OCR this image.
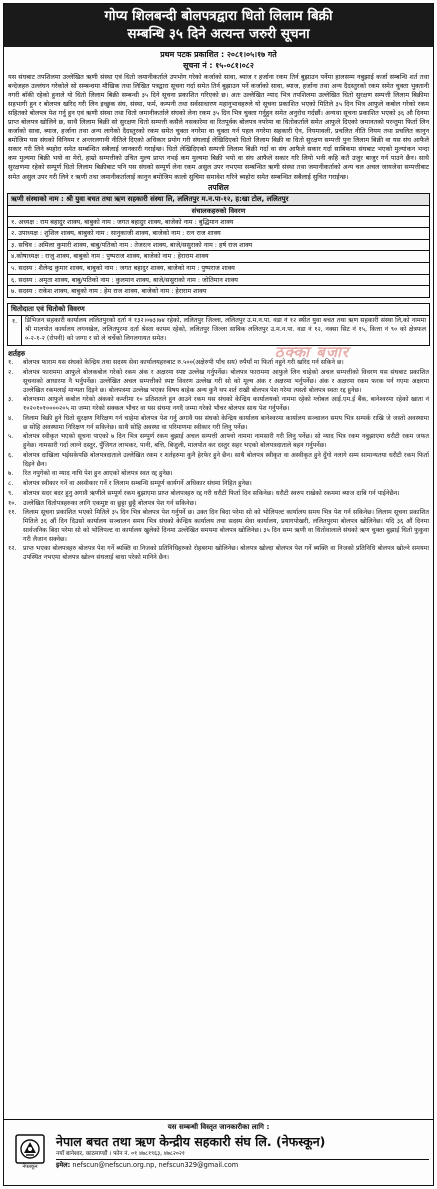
गोप्य शिलबन्दी बोलपत्रद्वारा धितो लिलाम बिक्री
सम्बन्धि ३५ दिने अत्यन्त जरुरी सूचना
प्रथम पटक प्रकाशित : २०८१।०५।१७ गते
सूचना नं : १५-०८१।०८२
यस संघबाट तपशिलमा उल्लेखित ऋणी संस्था एवं धितो जमानीकर्ताले उपभोग गरेको कर्जाको सावा, ब्याज र हर्जाना रकम तिर्न बुझाउन पर्नेमा हालसम्म नबुझाई कर्जा सम्बन्धि शर्त तथा बन्देजहरु उल्लंघन गरेकोले सो सम्बन्धमा मौखिक तथा लिखित पत्रद्वारा सूचना गर्दा समेत तिर्न बुझाउन पर्ने कर्जाको सावा, ब्याज, हर्जाना तथा अन्य दैदस्तुरको रकम समेत चुक्ता भुक्तानी नगरी बाँकी रहेको हुनाले यो धितो लिलाम बिक्री सम्बन्धी ३५ दिने सूचना प्रकाशित गरिएको छ। अतः उल्लेखित म्याद भित्र तपशिलमा उल्लेखित धितो सुरक्षण सम्पत्ती लिलाम बिक्रीमा सहभागी हुन र बोलपत्र खरिद गरी लिन इच्छुक संघ, संस्था, फर्म, कम्पनी तथा सर्वसाधारण महानुभावहरुले यो सूचना प्रकाशित भएको मितिले ३५ दिन भित्र आफुले कबोल गरेको रकम सहितको बोलपत्र पेश गर्नु हुन एवं ऋणी संस्था तथा धितो जमानीकर्ताले संघको लेना रकम ३५ दिन भित्र चुक्ता गर्नुहुन समेत अनुरोध गर्दछौं। अन्यथा सूचना प्रकाशित भएको ३६ औ दिनमा प्राप्त बोलपत्र खोलिने छ, साथै लिलाम बिक्री सो सुरक्षण धितो सम्पत्ती कसैले नसकारेमा वा रितपूर्वक बोलपत्र नपरेमा वा धितोकर्ताले समेत आफुले दिएको जमानतको परन्तुमा फिर्ता लिन कर्जाको सावा, ब्याज, हर्जाना तथा अन्य लागेको दैदस्तुरको रकम समेत चुक्ता नगरेमा वा चुक्ता गर्न पहल नगरेमा सहकारी ऐन, नियमावली, प्रचलित नीति नियम तथा प्रचलित कानुन बमोजिम यस संघको विनियम र अन्तरलगानी नीतिले दिएको अधिकार प्रयोग गरी संघलाई लेखिदिएको धितो लिलाम बिक्री वा धितो सुरक्षण सम्पत्ती पुनः लिलाम बिक्री वा यस संघ आफैले सकार गरी लिने ब्यहोरा समेत सम्बन्धित सबैलाई जानकारी गराईन्छ। धितो लेखिदिएको सम्पत्ती लिलाम बिक्री गर्दा वा संघ आफैले सकार गर्दा साबिकमा संघबाट भएको मुल्यांकन भन्दा कम मुल्यमा बिक्री भयो वा मेरो, हाम्रो सम्पत्तीको उचित मुल्य प्राप्त नभई कम मुल्यमा बिक्री भयो वा संघ आफैले सकार गरि लियो भनी कहि कतै उजुर बाजुर गर्न पाउने छैन। साथै सुरक्षणमा रहेको सम्पूर्ण धितो लिलाम बिक्रीबाट पनि यस संघको सम्पूर्ण लेना रकम असुल उपर नभएमा सम्बन्धित ऋणी संस्था तथा जमानीकर्ताको अन्य चल अचल जायजेथा सम्पत्तीबाट समेत असुल उपर गरी लिने र ऋणी तथा जमानीकर्तालाई कानुन बमोजिम कालो सुचिमा समावेश गरिने ब्यहोरा समेत सम्बन्धित सबैलाई सुचित गराईन्छ।
तपशिल
ऋणी संस्थाको नाम : श्री युवा बचत तथा ऋण सहकारी संस्था लि, ललितपुर म.न.पा-१२, ह:खा टोल, ललितपुर
संचालकहरुको विवरण
१. अध्यक्ष : राम बहादुर शाक्य, बाबुको नाम : जगत बहादुर शाक्य, बाजेको नाम : बुद्धिमान शाक्य
२. उपाध्यक्ष : शुशिल शाक्य, बाबुको नाम : सानुकाजी शाक्य, बाजेको नाम : रत्न राज शाक्य
३. सचिव : अमिला कुमारी शाक्य, बाबु/पतिको नाम : तेजरत्न शाक्य, बाजे/ससुराको नाम : हर्ष राज शाक्य
४.कोषाध्यक्ष : राजु शाक्य, बाबुको नाम : पुष्पराज शाक्य, बाजेको नाम : हेराराम शाक्य
५. सदस्य : शैलेन्द्र कुमार शाक्य, बाबुको नाम : जगत बहादुर शाक्य, बाजेको नाम : पुष्पराज शाक्य
६. सदस्य : अमृता शाक्य, बाबु/पतिको नाम : कुलमान शाक्य, बाजे/ससुराको नाम : जोतिमान शाक्य
७. सदस्य : राकेश शाक्य, बाबुको नाम : हेम राज शाक्य, बाजेको नाम : हेराराम शाक्य
धितोदाता एवं धितोको विवरण
१.	डिभिजन सहकारी कार्यालय ललितपुरको दर्ता नं १३२।०७३।७४ रहेको, ललितपुर जिल्ला, ललितपुर उ.म.न.पा. वडा नं १२ स्थीत युवा बचत तथा ऋण सहकारी संस्था लि,को नाममा श्री मालपोत कार्यालय लगनखेल, ललितपुरमा दर्ता श्रेस्ता कायम रहेको, ललितपुर जिल्ला साबिक ललितपुर उ.म.न.पा. वडा नं १२, नक्सा सिट नं १५, कित्ता नं ९० को क्षेत्रफल ०-२-१-२ (रोपनी) को जग्गा र सो ले चर्चेको लिगलगायत समेत।
ठक्का बजार
शर्तहरु
१.	बोलपत्र फाराम यस संघको केन्द्रिय तथा सदस्य सेवा कार्यालयहरुबाट रु.५००(अक्षेरुपी पाँच सय) रुपैयाँ मा फिर्ता नहुने गरी खरिद गर्न सकिने छ।
२.	बोलपत्र फाराममा आफुले बोलकबोल गरेको रकम अंक र अक्षरमा स्पष्ट उल्लेख गर्नुपर्नेछ। बोलपत्र फाराममा आफुले लिन चाहेको अचल सम्पत्तीको विवरण यस संघबाट प्रकाशित सूचनाको आधारमा नै भर्नुपर्नेछ। उल्लेखित अचल सम्पत्तीको स्पष्ट विवरण उल्लेख गरी सो को मूल्य अंक र अक्षरमा भर्नुपर्नेछ। अंक र अक्षरमा रकम फरक पर्न गएमा अक्षरमा उल्लेखित रकमलाई मान्यता दिइने छ। बोलपत्रमा उल्लेख भएका विषय बाहेक अन्य कुनै थप शर्त राखी बोलपत्र पेश गरेमा त्यस्तो बोलपत्र स्वतः रद्द हुनेछ।
३.	बोलपत्रमा आफुले कबोल गरेको अंकको कम्तीमा १० प्रतिशतले हुन आउने रकम यस संघको केन्द्रिय कार्यालयको नाममा रहेको ग्लोबल आई.एम.ई बैंक, बानेश्वरमा रहेको खाता नं १०२०१०१००००२०५ मा जम्मा गरेको सक्कल भौचर वा यस संघमा नगदै जम्मा गरेको भौचर बोलपत्र साथ पेश गर्नुपर्नेछ।
४.	लिलाम बिक्री हुने धितो सुरक्षण निरिक्षण गर्न चाहेमा बोलपत्र पेश गर्नु अगावै यस संघको केन्द्रिय कार्यालय बानेश्वरमा कार्यालय सञ्चालन समय भित्र सम्पर्क राखि जे जस्तो अवस्थामा छ सोहि अवस्थामा निरिक्षण गर्न सकिनेछ। साथै सोहि अवस्था वा परिमाणमा स्वीकार गरी लिनु पर्नेछ।
५.	बोलपत्र स्वीकृत भएको सूचना पाएको ७ दिन भित्र सम्पुर्ण रकम बुझाई अचल सम्पत्ती आफ्नो नाममा नामसारी गरी लिनु पर्नेछ। सो म्याद भित्र रकम नबुझाएमा धरौटी रकम जफत हुनेछ। नामसारी गर्दा लाग्ने दस्तुर, पुँजिगत लाभकर, पानी, बत्ति, बिजुली, मालपोत कर दस्तुर सहर भएको बोलपत्रदाताले बहन गर्नुपर्नेछ।
६.	बोलपत्र दाखिला भईसकेपछि बोलपत्रदाताले उल्लेखित रकम र शर्तहरुमा कुनै हेरफेर हुने छैन। साथै बोलपत्र स्वीकृत वा अस्वीकृत हुने दुँगो नलागे सम्म सामान्यतया धरौटी रकम फिर्ता दिइने छैन।
७.	रित नपुगेको वा म्याद नाघि पेश हुन आएको बोलपत्र स्वत रद्द हुनेछ।
८.	बोलपत्र स्वीकार गर्ने वा अस्वीकार गर्ने र लिलाम सम्बन्धि सम्पूर्ण कार्यगर्ने अधिकार संघमा निहित हुनेछ।
९.	बोलपत्र सदर बदर हुनु अगावै ऋणीले सम्पूर्ण रकम बुझाएमा प्राप्त बोलपत्रहरु रद्द गरी धरौटी फिर्ता दिन सकिनेछ। धरौटी स्वरुप राखेको रकममा ब्याज दाबि गर्न पाईनेछैन।
१०.	उल्लेखित धितोपत्रहरुका लागि एकमुष्ट वा छुट्टा छुट्टै बोलपत्र पेश गर्न सकिनेछ।
११.	लिलाम सूचना प्रकाशित भएको मितिले ३५ दिन भित्र बोलपत्र पेश गर्नुपर्ने छ। उक्त दिन बिदा परेमा सो को भोलिपल्ट कार्यालय समय भित्र पेश गर्न सकिनेछ। लिलाम सूचना प्रकाशित मितिले ३६ औं दिन दिउसो कार्यालय सञ्चालन समय भित्र संघको केन्द्रिय कार्यालय तथा सदस्य सेवा कार्यालय, प्रयागपोखरी, ललितपुरमा बोलपत्र खोलिनेछ। यदि ३६ औं दिनमा सार्वजनिक बिदा परेमा सो को भोलिपल्ट वा कार्यालय खुलेको दिनमा उल्लेखित समयमा बोलपत्र खोलिनेछ। ३५ दिन सम्म ऋणी वा धितोवालाले संघको ऋण चुक्ता बुझाई धितो फुकुवा गरी लैजान सक्नेछ।
१२.	प्राप्त भएका बोलपत्रहरु बोलपत्र पेश गर्ने ब्यक्ति वा निजको प्रतिनिधिहरुको रोहबरमा खोलिनेछ। बोलपत्र खोल्दा बोलपत्र पेश गर्ने ब्यक्ति वा निजको प्रतिनिधि बोलपत्र खोल्ने समयमा उपस्थित नभएमा बोलपत्र खोल्न संघलाई बाधा परेको मानिने छैन।
यस सम्बन्धी विस्तृत जानकारीका लागि :
नेफस्कून
नेपाल बचत तथा ऋण केन्द्रीय सहकारी संघ लि. (नेफस्कून)
नयाँ बानेश्वर, काठमाण्डौं । फोन नं. ०१ ४७८१९६३, ४७८२०२१
इमेल: nefscun@nefscun.org.np, nefscun329@gmail.com
